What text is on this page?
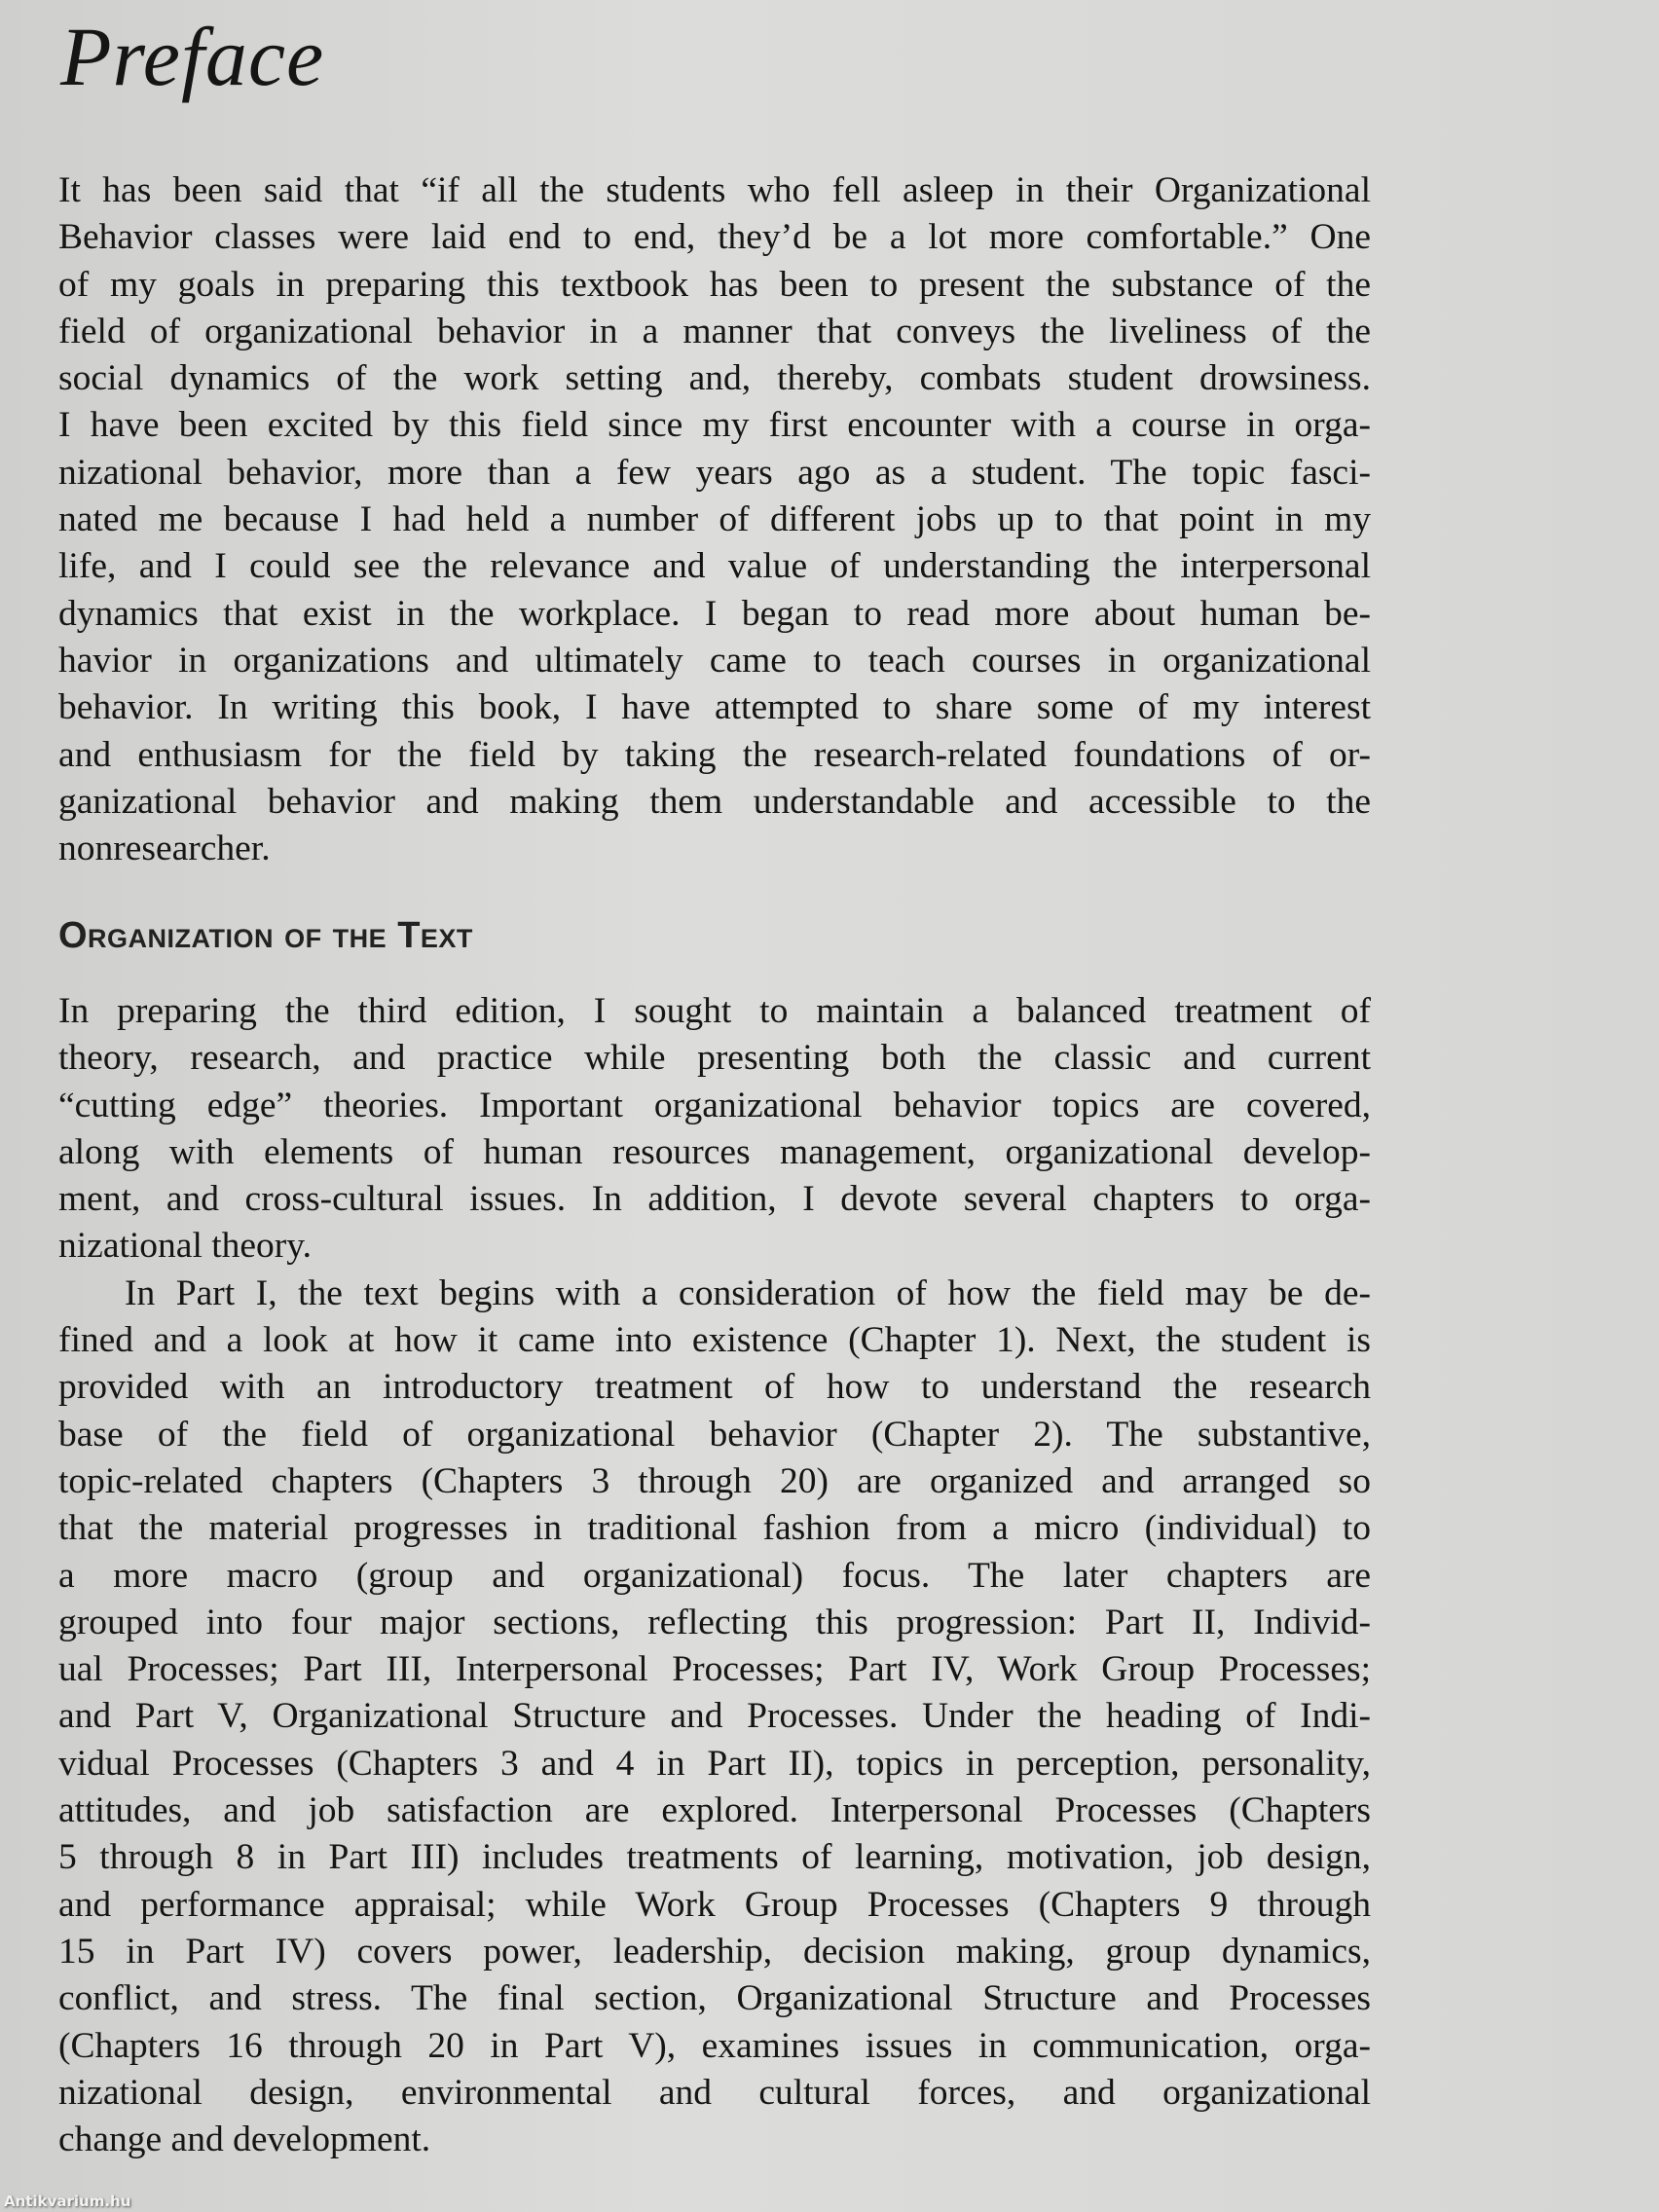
Preface
It has been said that “if all the students who fell asleep in their Organizational
Behavior classes were laid end to end, they’d be a lot more comfortable.” One
of my goals in preparing this textbook has been to present the substance of the
field of organizational behavior in a manner that conveys the liveliness of the
social dynamics of the work setting and, thereby, combats student drowsiness.
I have been excited by this field since my first encounter with a course in orga-
nizational behavior, more than a few years ago as a student. The topic fasci-
nated me because I had held a number of different jobs up to that point in my
life, and I could see the relevance and value of understanding the interpersonal
dynamics that exist in the workplace. I began to read more about human be-
havior in organizations and ultimately came to teach courses in organizational
behavior. In writing this book, I have attempted to share some of my interest
and enthusiasm for the field by taking the research-related foundations of or-
ganizational behavior and making them understandable and accessible to the
nonresearcher.
Organization of the Text
In preparing the third edition, I sought to maintain a balanced treatment of
theory, research, and practice while presenting both the classic and current
“cutting edge” theories. Important organizational behavior topics are covered,
along with elements of human resources management, organizational develop-
ment, and cross-cultural issues. In addition, I devote several chapters to orga-
nizational theory.
In Part I, the text begins with a consideration of how the field may be de-
fined and a look at how it came into existence (Chapter 1). Next, the student is
provided with an introductory treatment of how to understand the research
base of the field of organizational behavior (Chapter 2). The substantive,
topic-related chapters (Chapters 3 through 20) are organized and arranged so
that the material progresses in traditional fashion from a micro (individual) to
a more macro (group and organizational) focus. The later chapters are
grouped into four major sections, reflecting this progression: Part II, Individ-
ual Processes; Part III, Interpersonal Processes; Part IV, Work Group Processes;
and Part V, Organizational Structure and Processes. Under the heading of Indi-
vidual Processes (Chapters 3 and 4 in Part II), topics in perception, personality,
attitudes, and job satisfaction are explored. Interpersonal Processes (Chapters
5 through 8 in Part III) includes treatments of learning, motivation, job design,
and performance appraisal; while Work Group Processes (Chapters 9 through
15 in Part IV) covers power, leadership, decision making, group dynamics,
conflict, and stress. The final section, Organizational Structure and Processes
(Chapters 16 through 20 in Part V), examines issues in communication, orga-
nizational design, environmental and cultural forces, and organizational
change and development.
Antikvarium.hu
